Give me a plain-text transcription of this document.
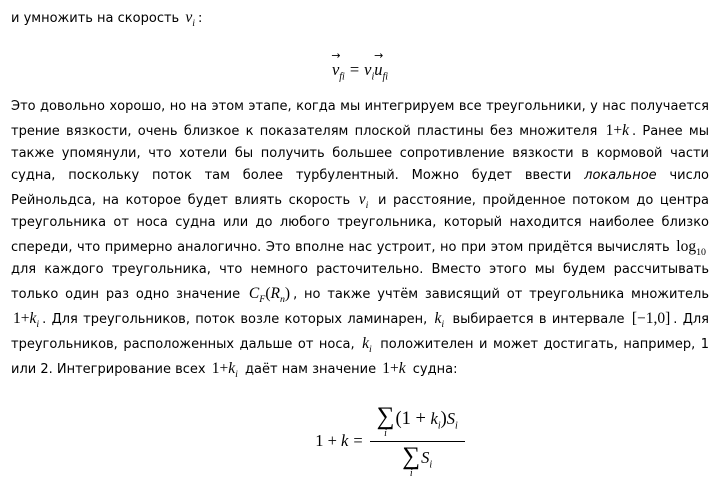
и умножить на скорость $v_i$ :

→
$v_{fi} = v_i$
→
$u_{fi}$

Это довольно хорошо, но на этом этапе, когда мы интегрируем все треугольники, у нас получается трение вязкости, очень близкое к показателям плоской пластины без множителя 1+k . Ранее мы также упомянули, что хотели бы получить большее сопротивление вязкости в кормовой части судна, поскольку поток там более турбулентный. Можно будет ввести локальное число Рейнольдса, на которое будет влиять скорость $v_i$ и расстояние, пройденное потоком до центра треугольника от носа судна или до любого треугольника, который находится наиболее близко спереди, что примерно аналогично. Это вполне нас устроит, но при этом придётся вычислять $\log_{10}$ для каждого треугольника, что немного расточительно. Вместо этого мы будем рассчитывать только один раз одно значение $C_F(R_n)$ , но также учтём зависящий от треугольника множитель $1+k_i$ . Для треугольников, поток возле которых ламинарен, $k_i$ выбирается в интервале [−1,0] . Для треугольников, расположенных дальше от носа, $k_i$ положителен и может достигать, например, 1 или 2. Интегрирование всех $1+k_i$ даёт нам значение 1+k судна:

1 + k = ∑
i
$(1 + k_i)S_i$
∑
i
$S_i$
